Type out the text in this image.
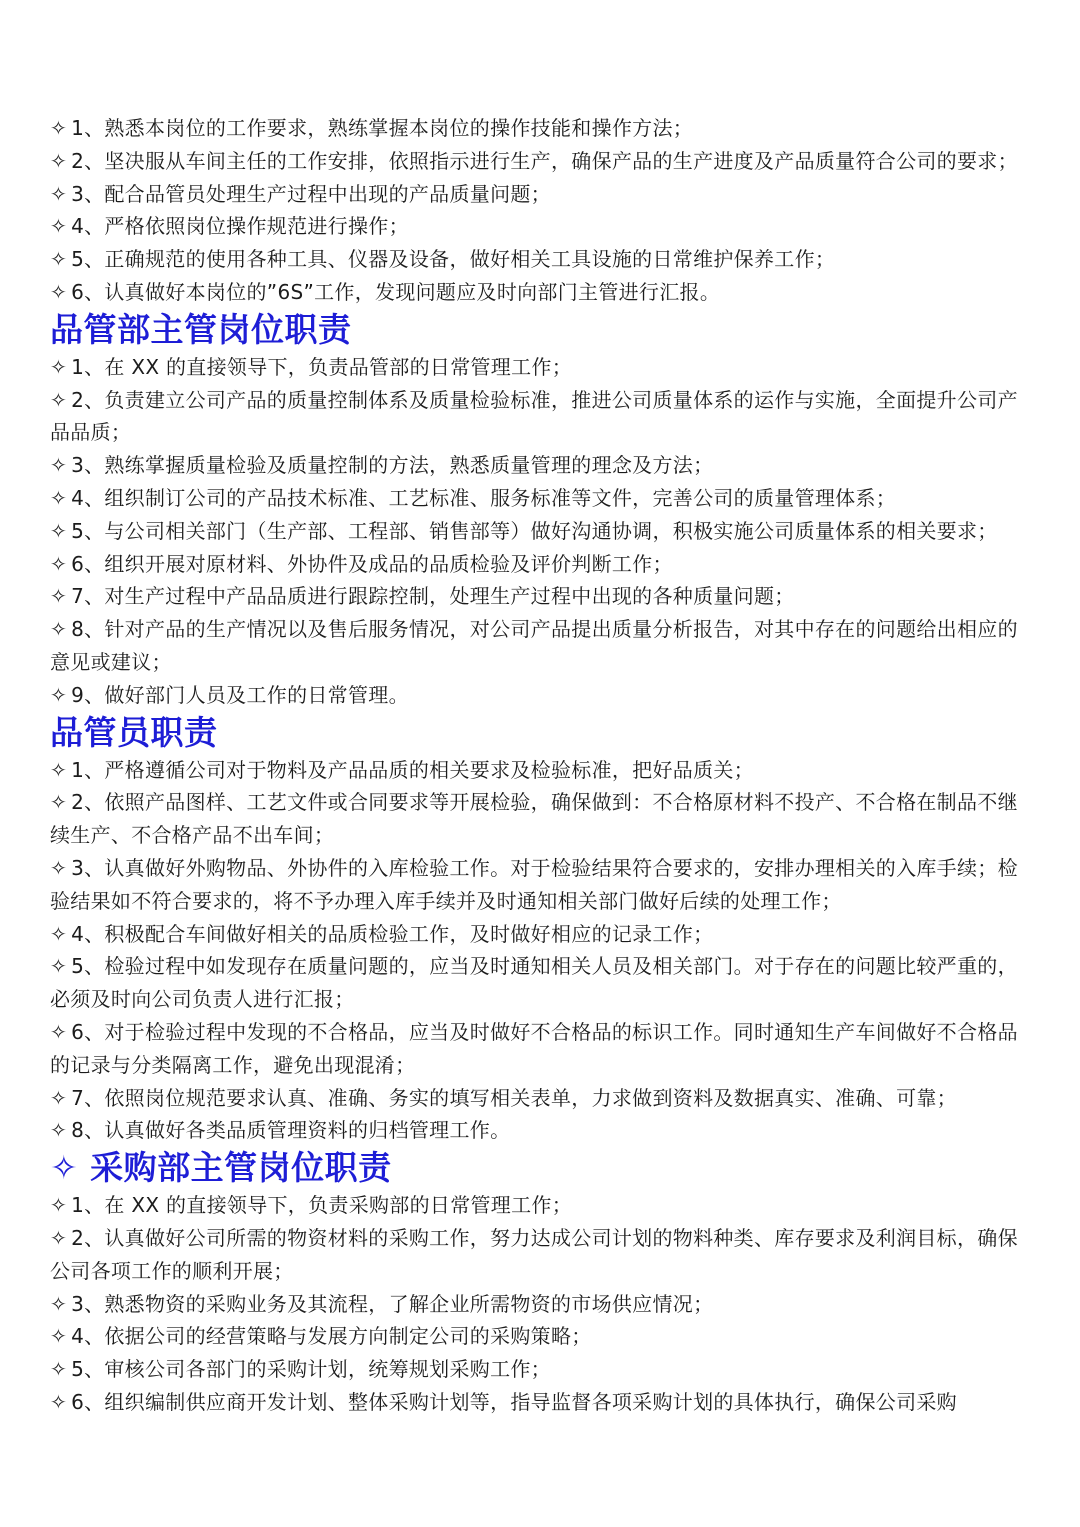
✧ 1、熟悉本岗位的工作要求，熟练掌握本岗位的操作技能和操作方法；

✧ 2、坚决服从车间主任的工作安排，依照指示进行生产，确保产品的生产进度及产品质量符合公司的要求；

✧ 3、配合品管员处理生产过程中出现的产品质量问题；

✧ 4、严格依照岗位操作规范进行操作；

✧ 5、正确规范的使用各种工具、仪器及设备，做好相关工具设施的日常维护保养工作；

✧ 6、认真做好本岗位的”6S”工作，发现问题应及时向部门主管进行汇报。

品管部主管岗位职责

✧ 1、在 XX 的直接领导下，负责品管部的日常管理工作；

✧ 2、负责建立公司产品的质量控制体系及质量检验标准，推进公司质量体系的运作与实施，全面提升公司产品品质；

✧ 3、熟练掌握质量检验及质量控制的方法，熟悉质量管理的理念及方法；

✧ 4、组织制订公司的产品技术标准、工艺标准、服务标准等文件，完善公司的质量管理体系；

✧ 5、与公司相关部门（生产部、工程部、销售部等）做好沟通协调，积极实施公司质量体系的相关要求；

✧ 6、组织开展对原材料、外协件及成品的品质检验及评价判断工作；

✧ 7、对生产过程中产品品质进行跟踪控制，处理生产过程中出现的各种质量问题；

✧ 8、针对产品的生产情况以及售后服务情况，对公司产品提出质量分析报告，对其中存在的问题给出相应的意见或建议；

✧ 9、做好部门人员及工作的日常管理。

品管员职责

✧ 1、严格遵循公司对于物料及产品品质的相关要求及检验标准，把好品质关；

✧ 2、依照产品图样、工艺文件或合同要求等开展检验，确保做到：不合格原材料不投产、不合格在制品不继续生产、不合格产品不出车间；

✧ 3、认真做好外购物品、外协件的入库检验工作。对于检验结果符合要求的，安排办理相关的入库手续；检验结果如不符合要求的，将不予办理入库手续并及时通知相关部门做好后续的处理工作；

✧ 4、积极配合车间做好相关的品质检验工作，及时做好相应的记录工作；

✧ 5、检验过程中如发现存在质量问题的，应当及时通知相关人员及相关部门。对于存在的问题比较严重的，必须及时向公司负责人进行汇报；

✧ 6、对于检验过程中发现的不合格品，应当及时做好不合格品的标识工作。同时通知生产车间做好不合格品的记录与分类隔离工作，避免出现混淆；

✧ 7、依照岗位规范要求认真、准确、务实的填写相关表单，力求做到资料及数据真实、准确、可靠；

✧ 8、认真做好各类品质管理资料的归档管理工作。

✧ 采购部主管岗位职责

✧ 1、在 XX 的直接领导下，负责采购部的日常管理工作；

✧ 2、认真做好公司所需的物资材料的采购工作，努力达成公司计划的物料种类、库存要求及利润目标，确保公司各项工作的顺利开展；

✧ 3、熟悉物资的采购业务及其流程，了解企业所需物资的市场供应情况；

✧ 4、依据公司的经营策略与发展方向制定公司的采购策略；

✧ 5、审核公司各部门的采购计划，统筹规划采购工作；

✧ 6、组织编制供应商开发计划、整体采购计划等，指导监督各项采购计划的具体执行，确保公司采购
